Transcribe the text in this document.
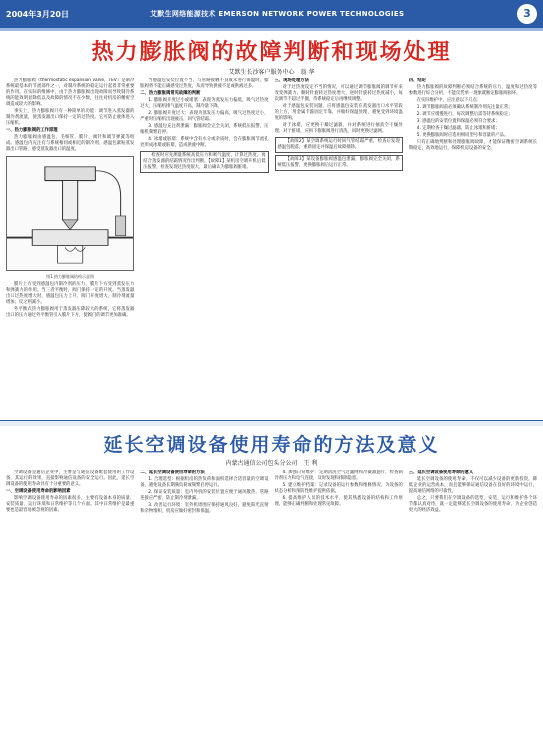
2004年3月20日	艾默生网络能源技术 EMERSON NETWORK POWER TECHNOLOGIES	3
热力膨胀阀的故障判断和现场处理
艾默生长沙客户服务中心　翁 华

热力膨胀阀（thermostatic expansion valve，TEV）是制冷系统最基本的节流部件之一，对制冷系统的稳定运行起着非常重要的作用。在实际的维修中，由于热力膨胀阀出现故障而导致制冷系统的能效明显降低以及故障的情况不在少数，往往对机房的精密空调造成较大的影响。

事实上，热力膨胀阀只有一种简单的功能：调节进入蒸发器的制冷剂流量，使蒸发器出口保持一定的过热度。它可防止液体进入压缩机。

一、热力膨胀阀的工作原理

热力膨胀阀由感温包、毛细管、膜片、阀针和调节弹簧等组成。感温包内充注有与系统相同或相近的制冷剂，感温包紧贴蒸发器出口管路，感受蒸发器出口的温度。

图1 热力膨胀阀结构示意图

膜片上方受到感温包内制冷剂的压力，膜片下方受到蒸发压力和弹簧力的作用。当三者平衡时，阀门保持一定的开度。当蒸发器出口过热度增大时，感温包压力上升，阀门开度增大，制冷剂流量增加；反之则减小。

外平衡式热力膨胀阀用于蒸发器压降较大的系统，它将蒸发器出口的压力通过外平衡管引入膜片下方，使阀门的调节更加准确。

当感温包安装位置不当、与管路接触不良或未进行保温时，膨胀阀将不能正确感受过热度，从而导致供液不足或供液过多。

二、热力膨胀阀常见故障的判断

1. 膨胀阀开度过小或堵塞：表现为蒸发压力偏低，吸气过热度过大，压缩机排气温度升高，制冷量下降。

2. 膨胀阀开度过大：表现为蒸发压力偏高，吸气过热度过小，严重时压缩机出现液击，回气管结霜。

3. 感温包充注剂泄漏：膨胀阀会完全关闭，系统低压报警，压缩机频繁启停。

4. 冰堵或脏堵：系统中含有水分或杂质时，会在膨胀阀节流孔处形成冰堵或脏堵，造成供液中断。

检查时应先测量系统高低压力和吸气温度，计算过热度，再结合蒸发器的结霜情况作出判断。【故障1】某机房空调开机后低压报警，检查发现过热度很大，最后确认为膨胀阀脏堵。

三、现场处理方法

对于过热度设定不当的情况，可以通过调节膨胀阀的调节杆来改变弹簧力，顺时针旋转过热度增大，逆时针旋转过热度减小，每次调节不超过半圈，待系统稳定后再继续调整。

对于感温包安装问题，应将感温包安装在蒸发器出口水平管段的上方，用金属卡箍固定牢靠，并做好保温处理，避免受到环境温度的影响。

对于冰堵，应更换干燥过滤器，并对系统进行抽真空干燥处理；对于脏堵，应拆下膨胀阀进行清洗，同时更换过滤网。

【故障2】某空调系统运行时回气管结霜严重，检查后发现感温包脱落，重新固定并保温后故障排除。

【故障3】某设备膨胀阀感温包泄漏，膨胀阀完全关闭，系统低压报警，更换膨胀阀后运行正常。

四、结论

热力膨胀阀的故障判断必须结合系统的压力、温度和过热度等参数进行综合分析，不能仅凭单一现象就断定膨胀阀损坏。

在实际维护中，应注意以下几点：

1. 调节膨胀阀前必须确认系统制冷剂充注量正常；

2. 调节应缓慢进行，每次调整后需等待系统稳定；

3. 感温包的安装位置和保温必须符合要求；

4. 定期检查干燥过滤器，防止冰堵和脏堵；

5. 更换膨胀阀时应选用相同型号和容量的产品。

只有正确地判断和处理膨胀阀故障，才能保证精密空调系统长期稳定、高效地运行，保障机房设备的安全。

延长空调设备使用寿命的方法及意义
内蒙古通信公司包头分公司　王 利

空调设备是通信企业中，主要是与通信设备配套使用的工作设备，其运行的效果，直接影响通信设备的安全运行。因此，延长空调设备的使用寿命具有十分重要的意义。

一、空调设备使用寿命的影响因素

影响空调设备使用寿命的因素很多，主要有设备本身的质量、安装质量、运行环境和日常维护等几个方面。其中日常维护是最重要也是最容易被忽视的因素。

二、延长空调设备使用寿命的方法

1. 合理选型：根据机房的热负荷和面积选择合适容量的空调设备，避免设备长期满负荷或频繁启停运行。

2. 保证安装质量：室内外机的安装位置应便于通风散热，管路连接应严密，防止制冷剂泄漏。

3. 改善运行环境：室外机周围应保持通风良好，避免阳光直射和杂物堆积，机房应做好密封和保温。

4. 加强日常维护：定期清洗空气过滤网和冷凝器翅片，检查制冷剂压力和电气连接，及时发现和排除隐患。

5. 建立维护档案：记录设备的运行参数和维修情况，为设备的状态分析和预防性维护提供依据。

6. 提高维护人员的技术水平，使其熟悉设备的结构和工作原理，能够正确判断和处理常见故障。

三、延长空调设备使用寿命的意义

延长空调设备的使用寿命，不仅可以减少设备的更新投资，降低企业的运营成本，而且能够保证通信设备在良好的环境中运行，提高通信网络的可靠性。

总之，只要我们在空调设备的选型、安装、运行和维护各个环节都认真对待，就一定能够延长空调设备的使用寿命，为企业创造更大的经济效益。
